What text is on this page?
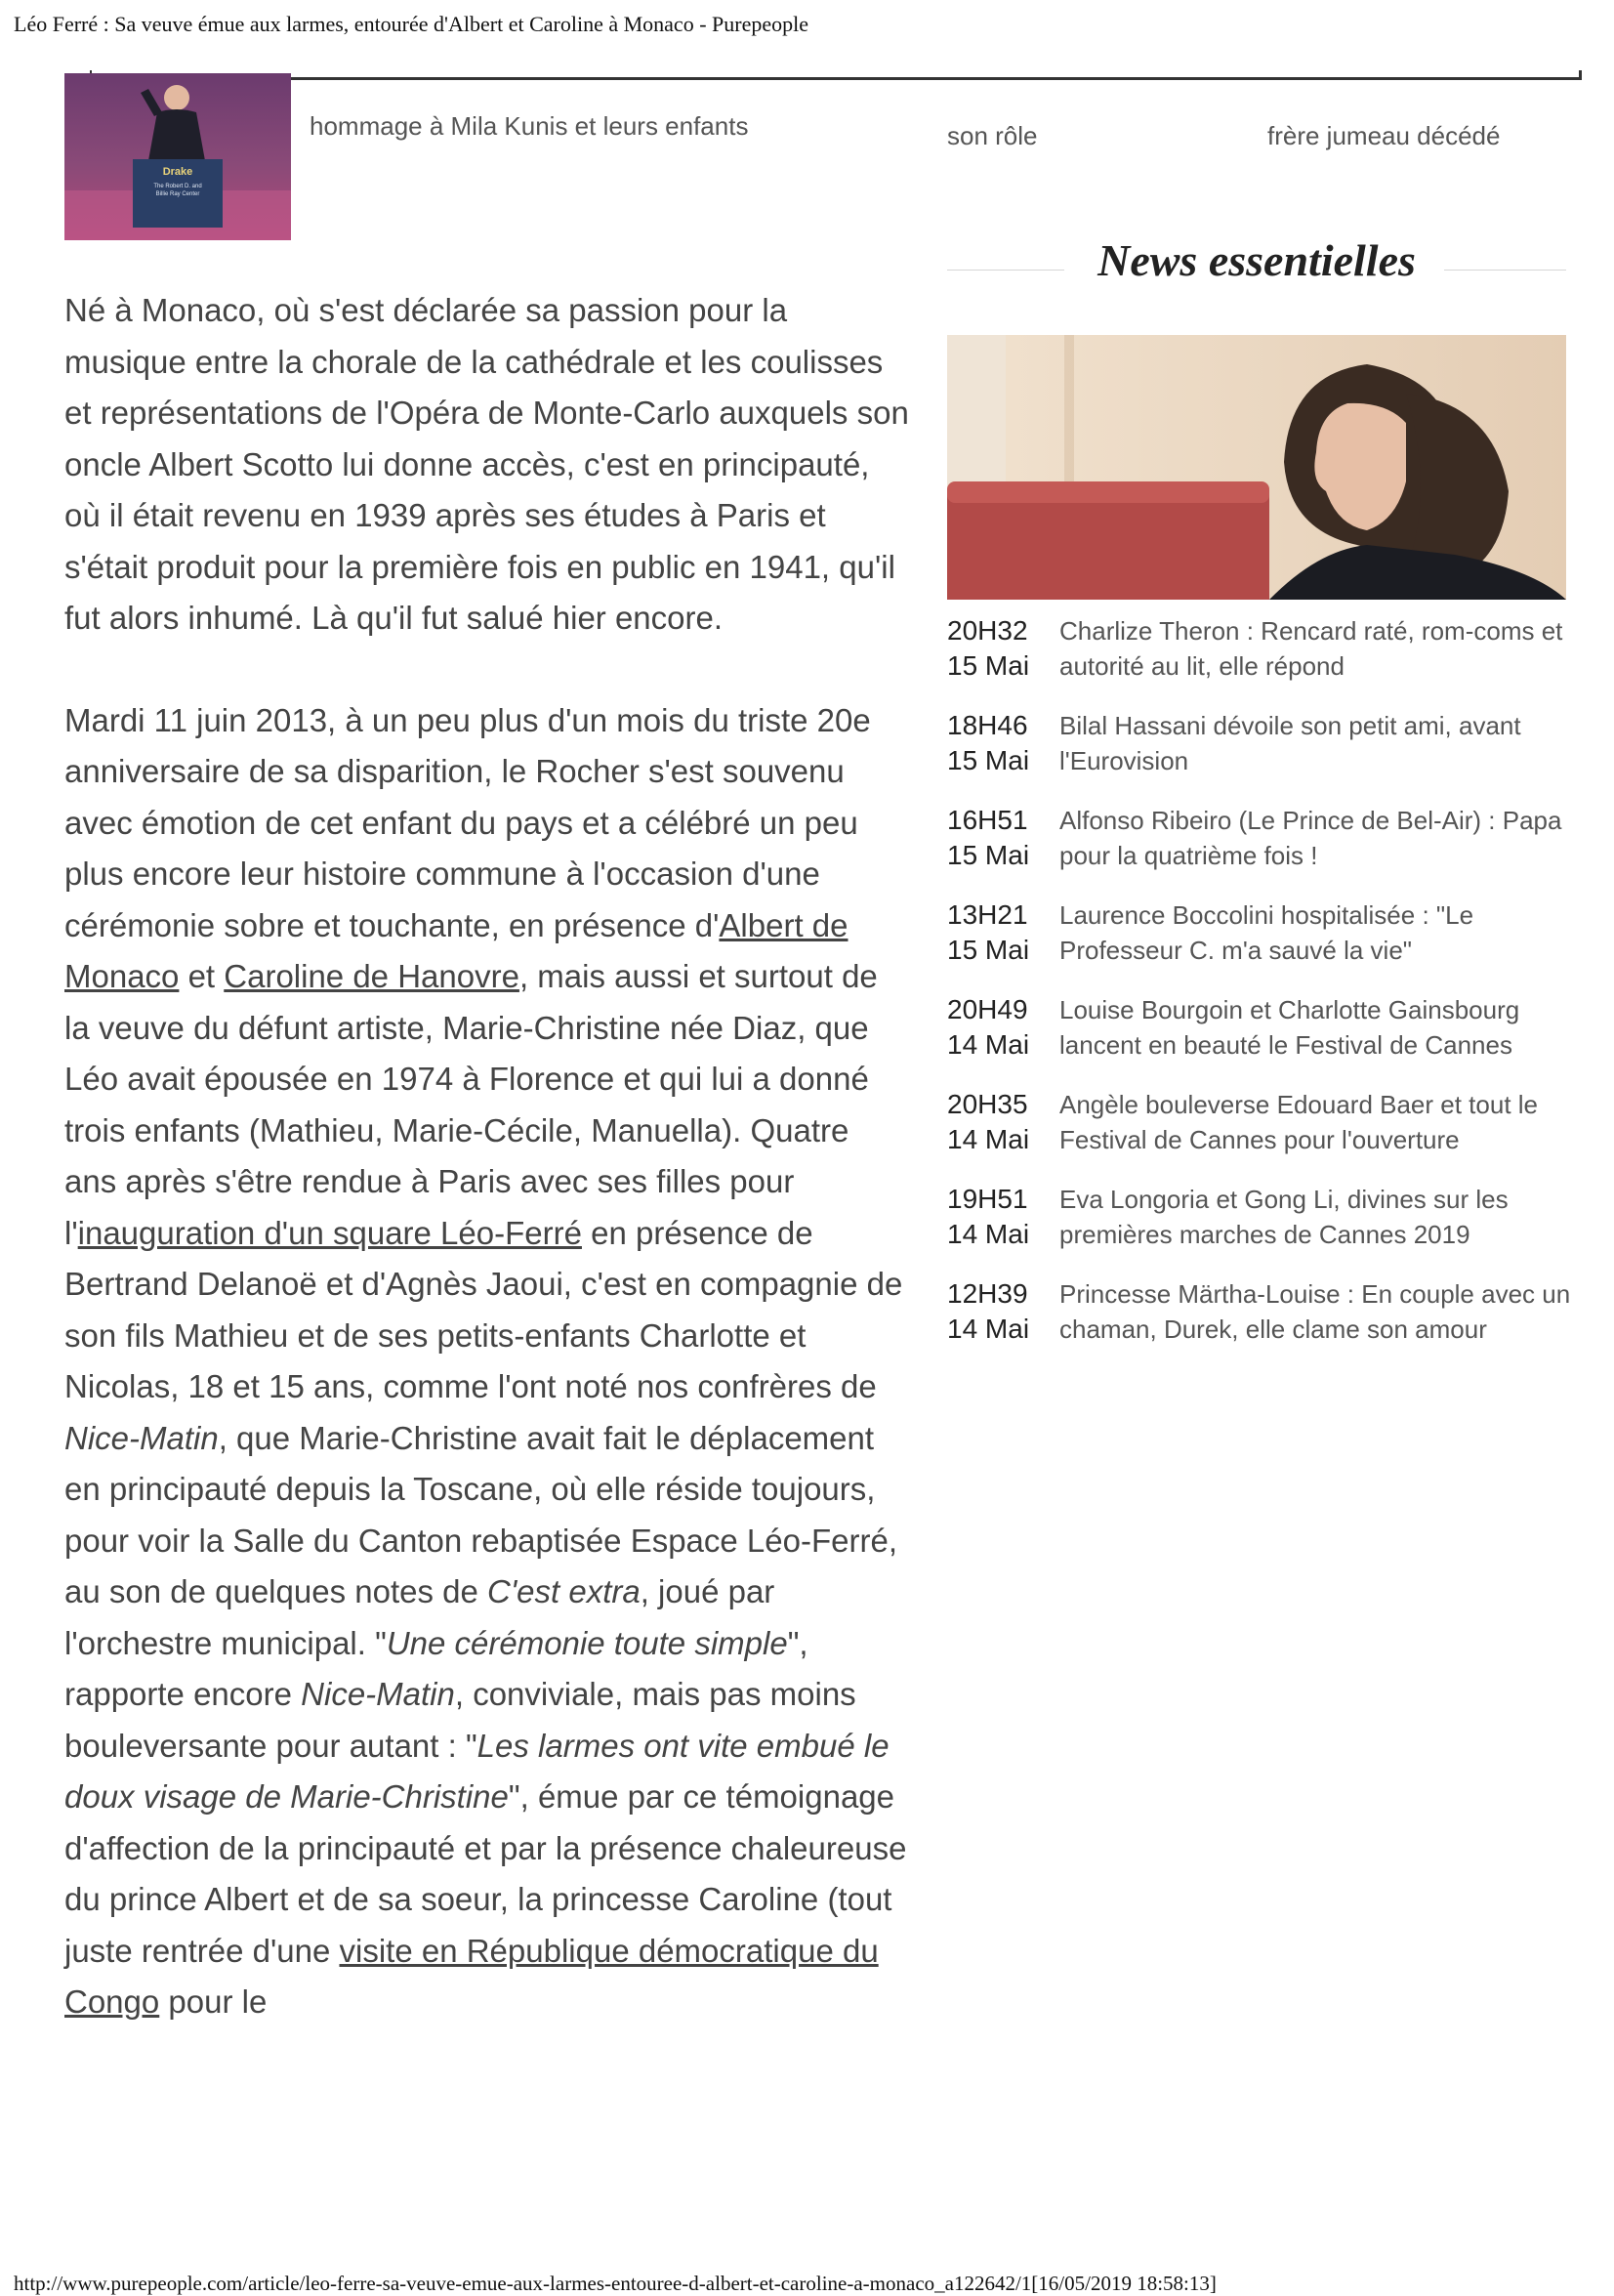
Léo Ferré : Sa veuve émue aux larmes, entourée d'Albert et Caroline à Monaco - Purepeople
Drake
The Robert D. and
Billie Ray Center
hommage à Mila Kunis et leurs enfants	son rôle	frère jumeau décédé

Né à Monaco, où s'est déclarée sa passion pour la musique entre la chorale de la cathédrale et les coulisses et représentations de l'Opéra de Monte-Carlo auxquels son oncle Albert Scotto lui donne accès, c'est en principauté, où il était revenu en 1939 après ses études à Paris et s'était produit pour la première fois en public en 1941, qu'il fut alors inhumé. Là qu'il fut salué hier encore.

Mardi 11 juin 2013, à un peu plus d'un mois du triste 20e anniversaire de sa disparition, le Rocher s'est souvenu avec émotion de cet enfant du pays et a célébré un peu plus encore leur histoire commune à l'occasion d'une cérémonie sobre et touchante, en présence d'Albert de Monaco et Caroline de Hanovre, mais aussi et surtout de la veuve du défunt artiste, Marie-Christine née Diaz, que Léo avait épousée en 1974 à Florence et qui lui a donné trois enfants (Mathieu, Marie-Cécile, Manuella). Quatre ans après s'être rendue à Paris avec ses filles pour l'inauguration d'un square Léo-Ferré en présence de Bertrand Delanoë et d'Agnès Jaoui, c'est en compagnie de son fils Mathieu et de ses petits-enfants Charlotte et Nicolas, 18 et 15 ans, comme l'ont noté nos confrères de Nice-Matin, que Marie-Christine avait fait le déplacement en principauté depuis la Toscane, où elle réside toujours, pour voir la Salle du Canton rebaptisée Espace Léo-Ferré, au son de quelques notes de C'est extra, joué par l'orchestre municipal. "Une cérémonie toute simple", rapporte encore Nice-Matin, conviviale, mais pas moins bouleversante pour autant : "Les larmes ont vite embué le doux visage de Marie-Christine", émue par ce témoignage d'affection de la principauté et par la présence chaleureuse du prince Albert et de sa soeur, la princesse Caroline (tout juste rentrée d'une visite en République démocratique du Congo pour le

News essentielles
20H32
15 Mai
Charlize Theron : Rencard raté, rom-coms et autorité au lit, elle répond
18H46
15 Mai
Bilal Hassani dévoile son petit ami, avant l'Eurovision
16H51
15 Mai
Alfonso Ribeiro (Le Prince de Bel-Air) : Papa pour la quatrième fois !
13H21
15 Mai
Laurence Boccolini hospitalisée : "Le Professeur C. m'a sauvé la vie"
20H49
14 Mai
Louise Bourgoin et Charlotte Gainsbourg lancent en beauté le Festival de Cannes
20H35
14 Mai
Angèle bouleverse Edouard Baer et tout le Festival de Cannes pour l'ouverture
19H51
14 Mai
Eva Longoria et Gong Li, divines sur les premières marches de Cannes 2019
12H39
14 Mai
Princesse Märtha-Louise : En couple avec un chaman, Durek, elle clame son amour
http://www.purepeople.com/article/leo-ferre-sa-veuve-emue-aux-larmes-entouree-d-albert-et-caroline-a-monaco_a122642/1[16/05/2019 18:58:13]
